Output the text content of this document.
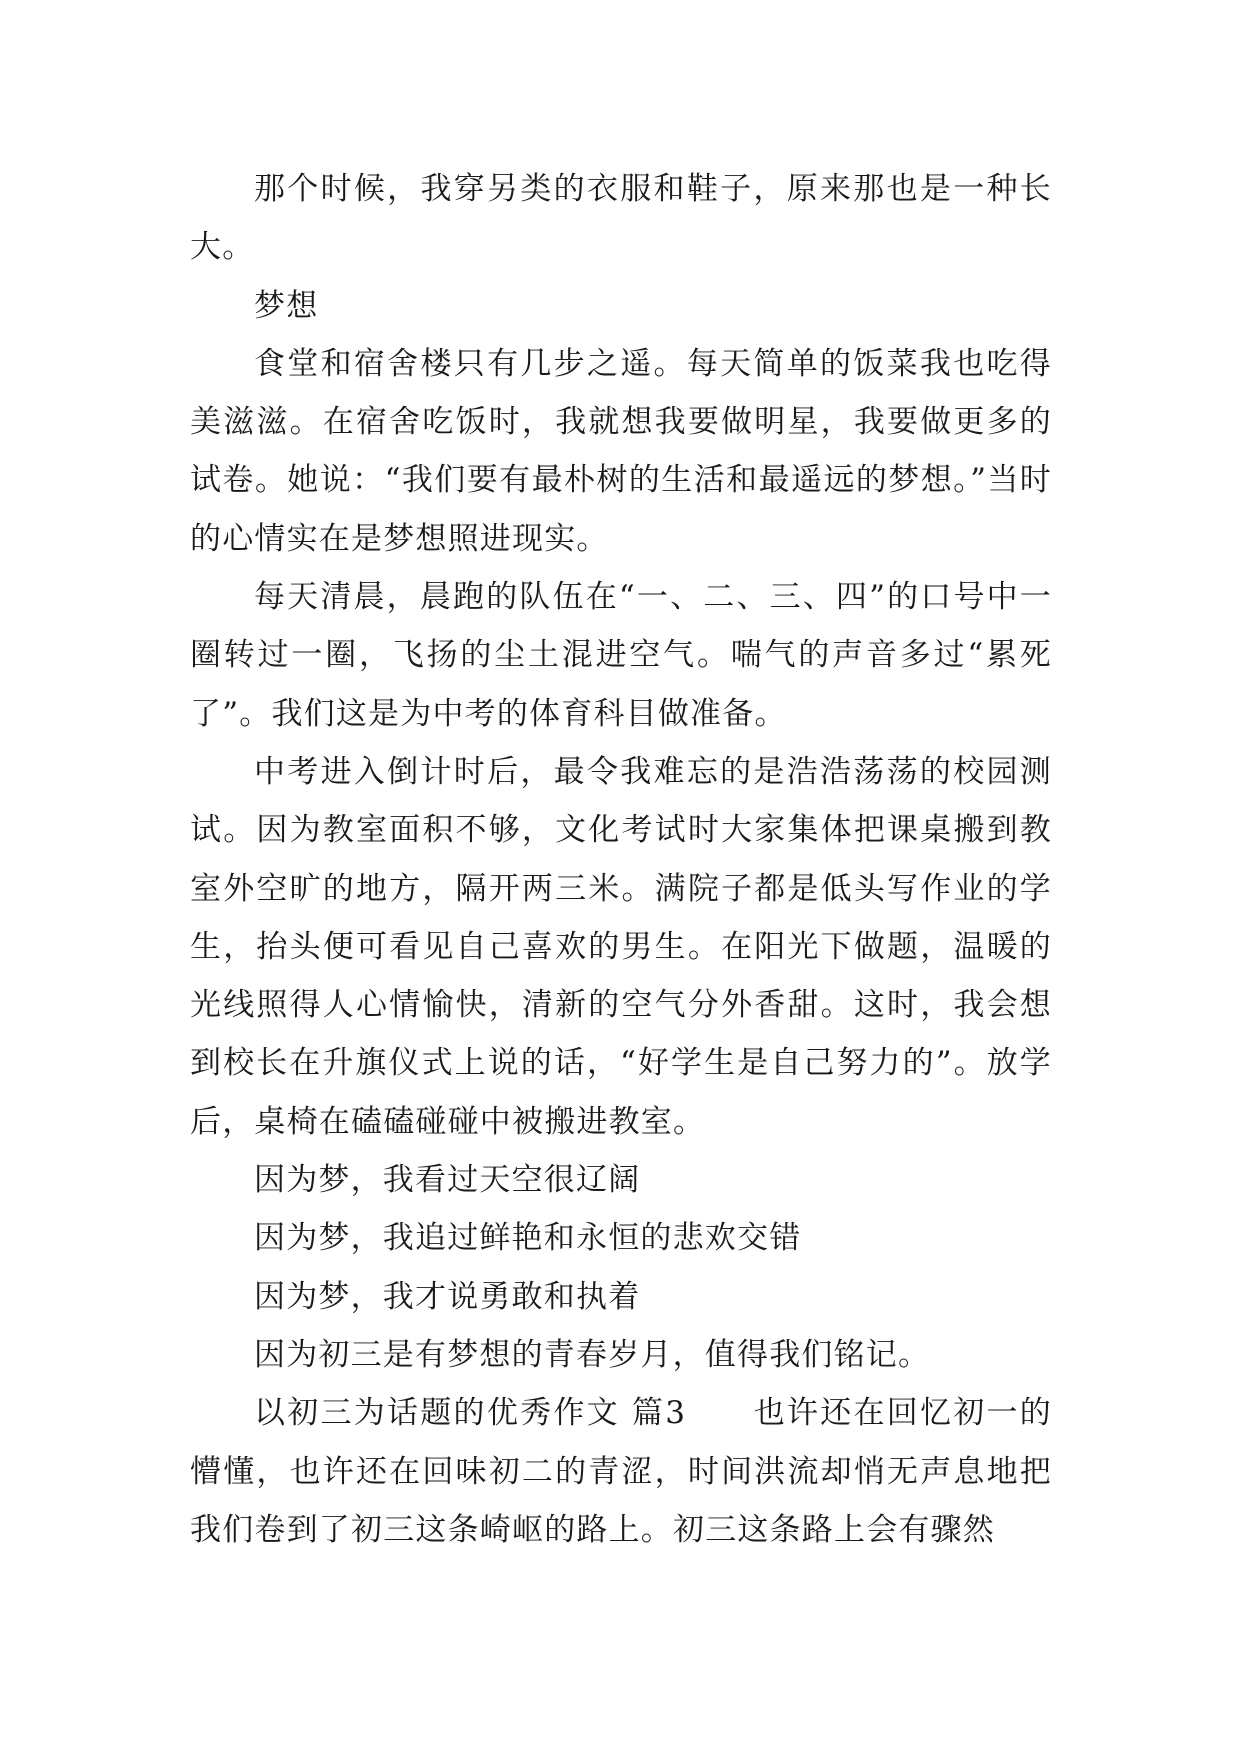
那个时候，我穿另类的衣服和鞋子，原来那也是一种长大。

梦想

食堂和宿舍楼只有几步之遥。每天简单的饭菜我也吃得美滋滋。在宿舍吃饭时，我就想我要做明星，我要做更多的试卷。她说：“我们要有最朴树的生活和最遥远的梦想。”当时的心情实在是梦想照进现实。

每天清晨，晨跑的队伍在“一、二、三、四”的口号中一圈转过一圈，飞扬的尘土混进空气。喘气的声音多过“累死了”。我们这是为中考的体育科目做准备。

中考进入倒计时后，最令我难忘的是浩浩荡荡的校园测试。因为教室面积不够，文化考试时大家集体把课桌搬到教室外空旷的地方，隔开两三米。满院子都是低头写作业的学生，抬头便可看见自己喜欢的男生。在阳光下做题，温暖的光线照得人心情愉快，清新的空气分外香甜。这时，我会想到校长在升旗仪式上说的话，“好学生是自己努力的”。放学后，桌椅在磕磕碰碰中被搬进教室。

因为梦，我看过天空很辽阔

因为梦，我追过鲜艳和永恒的悲欢交错

因为梦，我才说勇敢和执着

因为初三是有梦想的青春岁月，值得我们铭记。

以初三为话题的优秀作文 篇3　　也许还在回忆初一的懵懂，也许还在回味初二的青涩，时间洪流却悄无声息地把我们卷到了初三这条崎岖的路上。初三这条路上会有骤然
